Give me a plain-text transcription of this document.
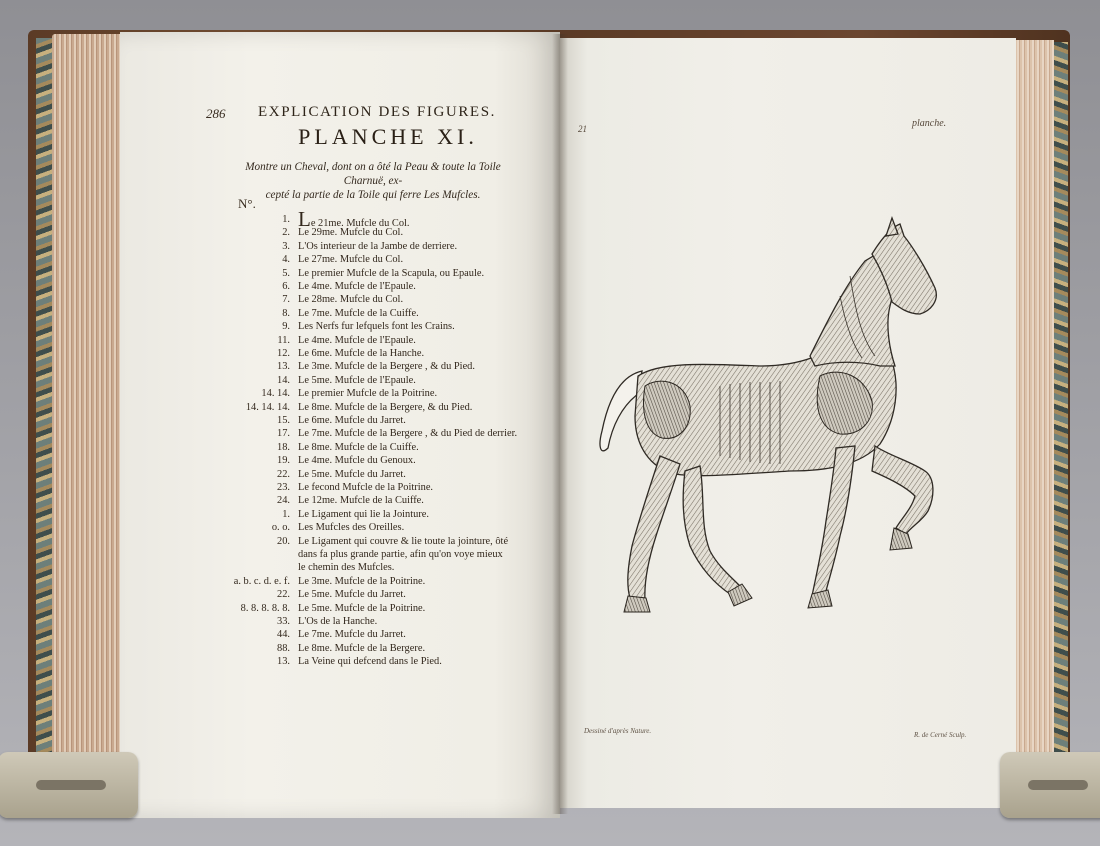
286 EXPLICATION DES FIGURES.
PLANCHE XI.
Montre un Cheval, dont on a ôté la Peau & toute la Toile Charnuë, ex-
cepté la partie de la Toile qui ferre Les Mufcles.
N°.
1. Le 21me. Mufcle du Col.
2. Le 29me. Mufcle du Col.
3. L'Os interieur de la Jambe de derriere.
4. Le 27me. Mufcle du Col.
5. Le premier Mufcle de la Scapula, ou Epaule.
6. Le 4me. Mufcle de l'Epaule.
7. Le 28me. Mufcle du Col.
8. Le 7me. Mufcle de la Cuiffe.
9. Les Nerfs fur lefquels font les Crains.
11. Le 4me. Mufcle de l'Epaule.
12. Le 6me. Mufcle de la Hanche.
13. Le 3me. Mufcle de la Bergere , & du Pied.
14. Le 5me. Mufcle de l'Epaule.
14. 14. Le premier Mufcle de la Poitrine.
14. 14. 14. Le 8me. Mufcle de la Bergere, & du Pied.
15. Le 6me. Mufcle du Jarret.
17. Le 7me. Mufcle de la Bergere , & du Pied de derrier.
18. Le 8me. Mufcle de la Cuiffe.
19. Le 4me. Mufcle du Genoux.
22. Le 5me. Mufcle du Jarret.
23. Le fecond Mufcle de la Poitrine.
24. Le 12me. Mufcle de la Cuiffe.
1. Le Ligament qui lie la Jointure.
o. o. Les Mufcles des Oreilles.
20. Le Ligament qui couvre & lie toute la jointure, ôté
dans fa plus grande partie, afin qu'on voye mieux
le chemin des Mufcles.
a. b. c. d. e. f. Le 3me. Mufcle de la Poitrine.
22. Le 5me. Mufcle du Jarret.
8. 8. 8. 8. 8. Le 5me. Mufcle de la Poitrine.
33. L'Os de la Hanche.
44. Le 7me. Mufcle du Jarret.
88. Le 8me. Mufcle de la Bergere.
13. La Veine qui defcend dans le Pied.
21	planche.
Dessiné d'après Nature.	R. de Cerné Sculp.
